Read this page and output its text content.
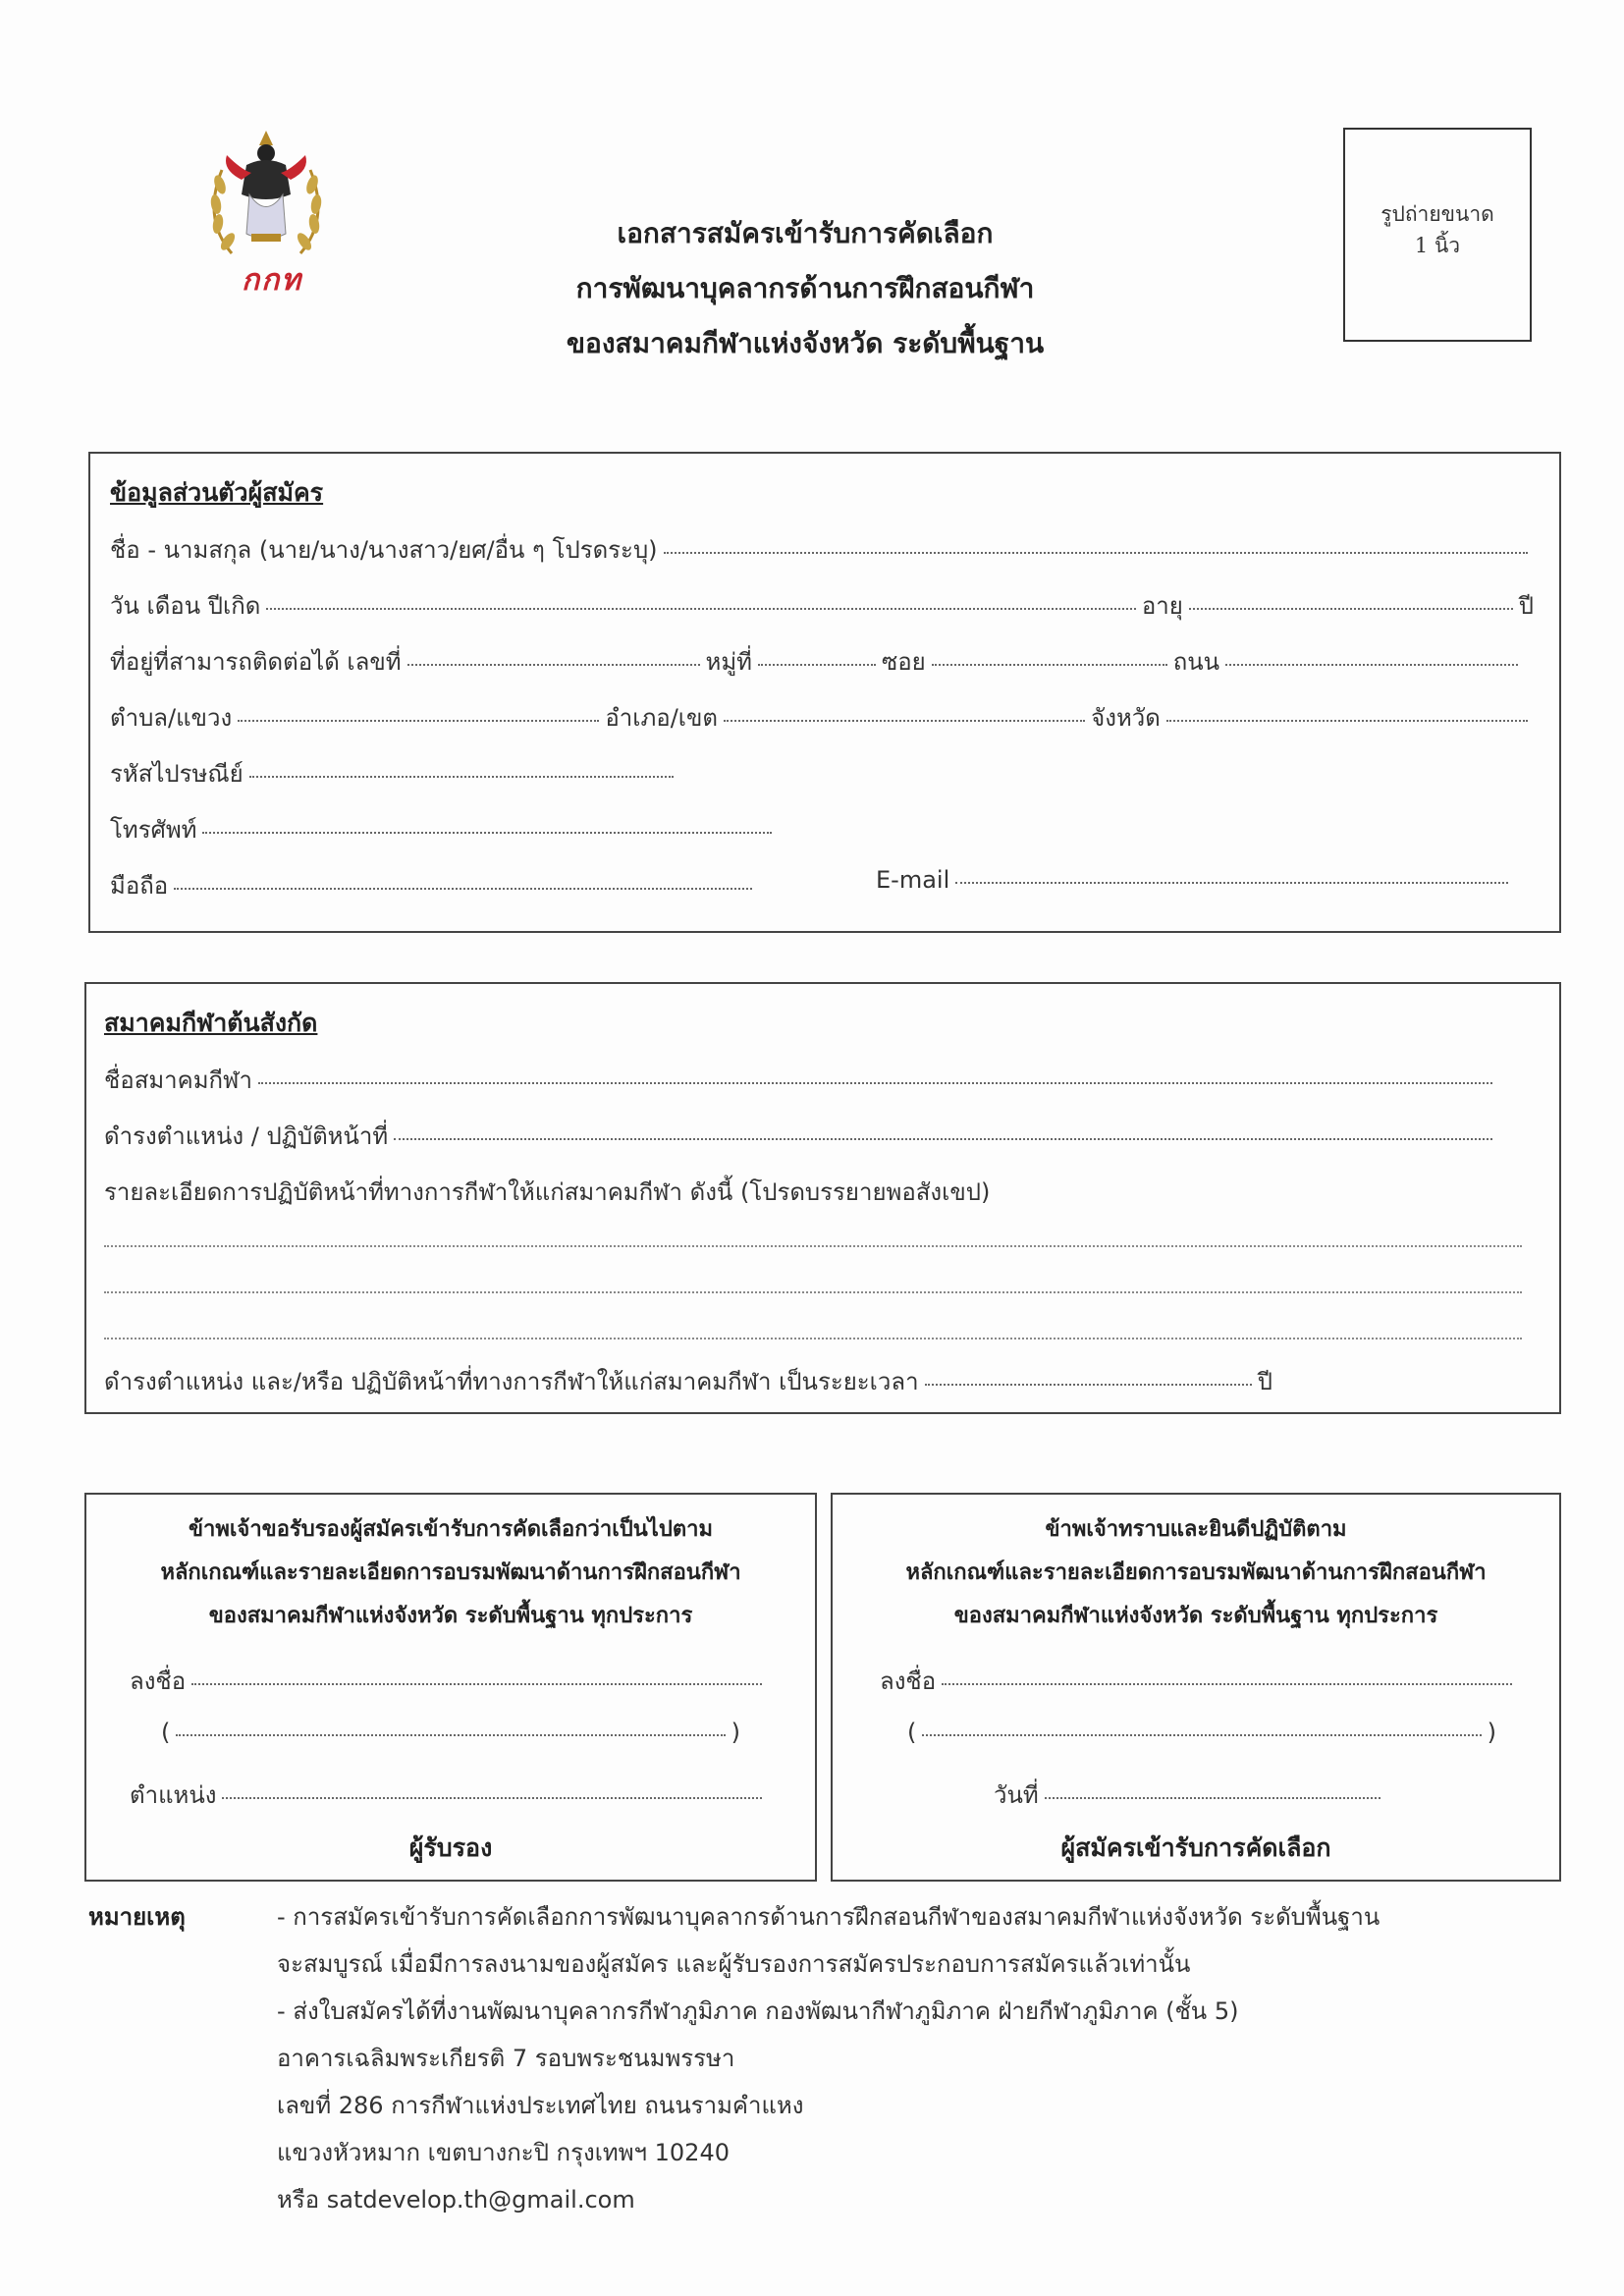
กกท
เอกสารสมัครเข้ารับการคัดเลือก
การพัฒนาบุคลากรด้านการฝึกสอนกีฬา
ของสมาคมกีฬาแห่งจังหวัด ระดับพื้นฐาน
รูปถ่ายขนาด
1 นิ้ว
ข้อมูลส่วนตัวผู้สมัคร
ชื่อ - นามสกุล (นาย/นาง/นางสาว/ยศ/อื่น ๆ โปรดระบุ)
วัน เดือน ปีเกิด	อายุ	ปี
ที่อยู่ที่สามารถติดต่อได้ เลขที่	หมู่ที่	ซอย	ถนน
ตำบล/แขวง	อำเภอ/เขต	จังหวัด
รหัสไปรษณีย์
โทรศัพท์
มือถือ	E-mail
สมาคมกีฬาต้นสังกัด
ชื่อสมาคมกีฬา
ดำรงตำแหน่ง / ปฏิบัติหน้าที่
รายละเอียดการปฏิบัติหน้าที่ทางการกีฬาให้แก่สมาคมกีฬา ดังนี้ (โปรดบรรยายพอสังเขป)
ดำรงตำแหน่ง และ/หรือ ปฏิบัติหน้าที่ทางการกีฬาให้แก่สมาคมกีฬา เป็นระยะเวลา	ปี
ข้าพเจ้าขอรับรองผู้สมัครเข้ารับการคัดเลือกว่าเป็นไปตาม
หลักเกณฑ์และรายละเอียดการอบรมพัฒนาด้านการฝึกสอนกีฬา
ของสมาคมกีฬาแห่งจังหวัด ระดับพื้นฐาน ทุกประการ
ลงชื่อ
(	)
ตำแหน่ง
ผู้รับรอง
ข้าพเจ้าทราบและยินดีปฏิบัติตาม
หลักเกณฑ์และรายละเอียดการอบรมพัฒนาด้านการฝึกสอนกีฬา
ของสมาคมกีฬาแห่งจังหวัด ระดับพื้นฐาน ทุกประการ
ลงชื่อ
(	)
วันที่
ผู้สมัครเข้ารับการคัดเลือก
หมายเหตุ	- การสมัครเข้ารับการคัดเลือกการพัฒนาบุคลากรด้านการฝึกสอนกีฬาของสมาคมกีฬาแห่งจังหวัด ระดับพื้นฐาน
จะสมบูรณ์ เมื่อมีการลงนามของผู้สมัคร และผู้รับรองการสมัครประกอบการสมัครแล้วเท่านั้น
- ส่งใบสมัครได้ที่งานพัฒนาบุคลากรกีฬาภูมิภาค กองพัฒนากีฬาภูมิภาค ฝ่ายกีฬาภูมิภาค (ชั้น 5)
อาคารเฉลิมพระเกียรติ 7 รอบพระชนมพรรษา
เลขที่ 286 การกีฬาแห่งประเทศไทย ถนนรามคำแหง
แขวงหัวหมาก เขตบางกะปิ กรุงเทพฯ 10240
หรือ satdevelop.th@gmail.com
